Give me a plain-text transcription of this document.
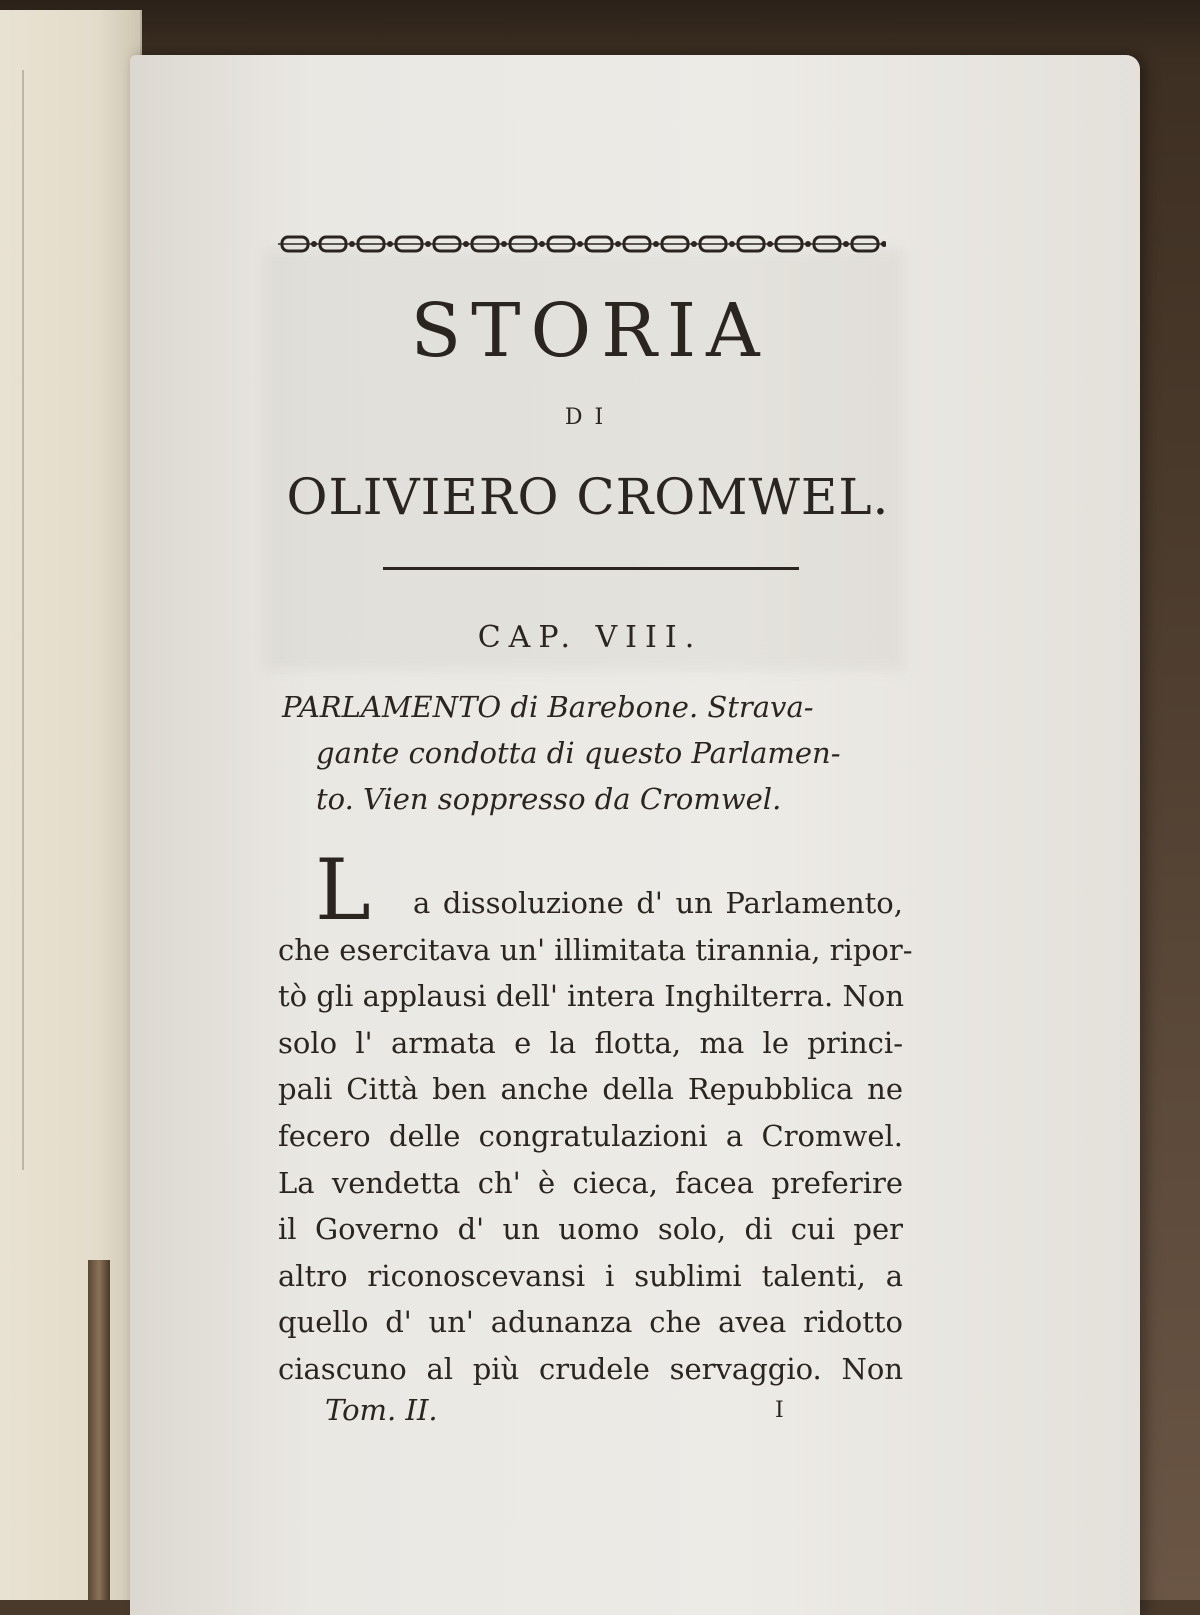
STORIA
DI
OLIVIERO CROMWEL.
CAP. VIII.
PARLAMENTO di Barebone. Strava-
gante condotta di questo Parlamen-
to. Vien soppresso da Cromwel.
L	a dissoluzione d' un Parlamento,
che esercitava un' illimitata tirannia, ripor-
tò gli applausi dell' intera Inghilterra. Non
solo l' armata e la flotta, ma le princi-
pali Città ben anche della Repubblica ne
fecero delle congratulazioni a Cromwel.
La vendetta ch' è cieca, facea preferire
il Governo d' un uomo solo, di cui per
altro riconoscevansi i sublimi talenti, a
quello d' un' adunanza che avea ridotto
ciascuno al più crudele servaggio. Non
Tom. II.	I
